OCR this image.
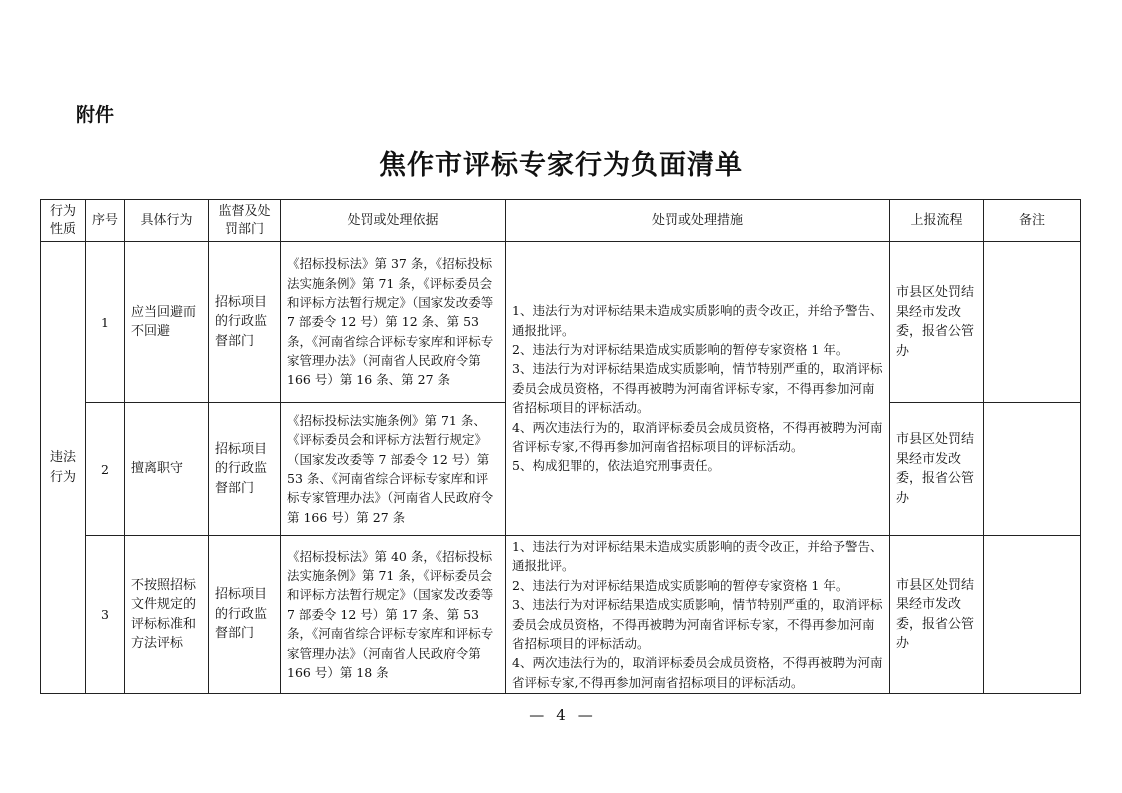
附件
焦作市评标专家行为负面清单
行为性质	序号	具体行为	监督及处罚部门	处罚或处理依据	处罚或处理措施	上报流程	备注
违法行为	1	应当回避而不回避	招标项目的行政监督部门	《招标投标法》第 37 条，《招标投标法实施条例》第 71 条，《评标委员会和评标方法暂行规定》（国家发改委等 7 部委令 12 号）第 12 条、第 53 条，《河南省综合评标专家库和评标专家管理办法》（河南省人民政府令第 166 号）第 16 条、第 27 条	1、违法行为对评标结果未造成实质影响的责令改正，并给予警告、通报批评。
2、违法行为对评标结果造成实质影响的暂停专家资格 1 年。
3、违法行为对评标结果造成实质影响，情节特别严重的，取消评标委员会成员资格，不得再被聘为河南省评标专家，不得再参加河南省招标项目的评标活动。
4、两次违法行为的，取消评标委员会成员资格，不得再被聘为河南省评标专家,不得再参加河南省招标项目的评标活动。
5、构成犯罪的，依法追究刑事责任。	市县区处罚结果经市发改委，报省公管办	
	2	擅离职守	招标项目的行政监督部门	《招标投标法实施条例》第 71 条、《评标委员会和评标方法暂行规定》（国家发改委等 7 部委令 12 号）第 53 条、《河南省综合评标专家库和评标专家管理办法》（河南省人民政府令第 166 号）第 27 条		市县区处罚结果经市发改委，报省公管办	
	3	不按照招标文件规定的评标标准和方法评标	招标项目的行政监督部门	《招标投标法》第 40 条，《招标投标法实施条例》第 71 条，《评标委员会和评标方法暂行规定》（国家发改委等 7 部委令 12 号）第 17 条、第 53 条，《河南省综合评标专家库和评标专家管理办法》（河南省人民政府令第 166 号）第 18 条	1、违法行为对评标结果未造成实质影响的责令改正，并给予警告、通报批评。
2、违法行为对评标结果造成实质影响的暂停专家资格 1 年。
3、违法行为对评标结果造成实质影响，情节特别严重的，取消评标委员会成员资格，不得再被聘为河南省评标专家，不得再参加河南省招标项目的评标活动。
4、两次违法行为的，取消评标委员会成员资格，不得再被聘为河南省评标专家,不得再参加河南省招标项目的评标活动。	市县区处罚结果经市发改委，报省公管办	
— 4 —
